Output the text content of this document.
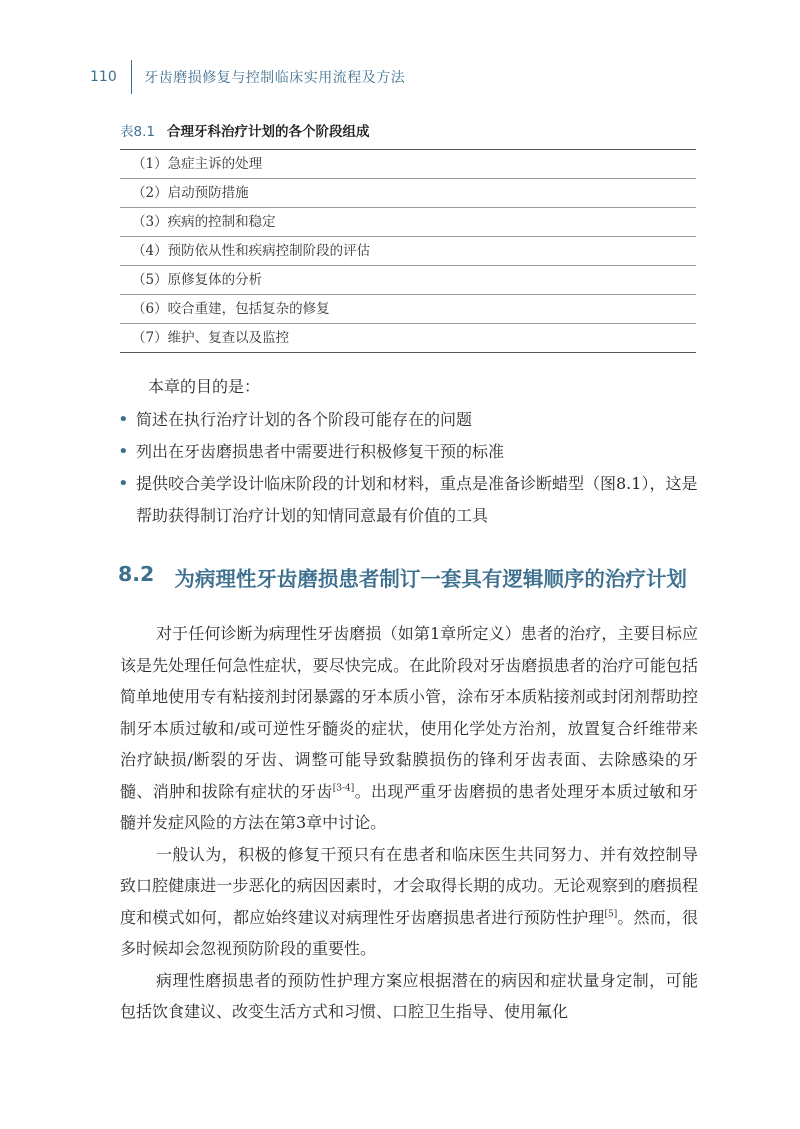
110 牙齿磨损修复与控制临床实用流程及方法
表8.1 合理牙科治疗计划的各个阶段组成
（1）急症主诉的处理
（2）启动预防措施
（3）疾病的控制和稳定
（4）预防依从性和疾病控制阶段的评估
（5）原修复体的分析
（6）咬合重建，包括复杂的修复
（7）维护、复查以及监控
本章的目的是：
• 简述在执行治疗计划的各个阶段可能存在的问题
• 列出在牙齿磨损患者中需要进行积极修复干预的标准
• 提供咬合美学设计临床阶段的计划和材料，重点是准备诊断蜡型（图8.1），这是帮助获得制订治疗计划的知情同意最有价值的工具
8.2 为病理性牙齿磨损患者制订一套具有逻辑顺序的治疗计划

对于任何诊断为病理性牙齿磨损（如第1章所定义）患者的治疗，主要目标应该是先处理任何急性症状，要尽快完成。在此阶段对牙齿磨损患者的治疗可能包括简单地使用专有粘接剂封闭暴露的牙本质小管，涂布牙本质粘接剂或封闭剂帮助控制牙本质过敏和/或可逆性牙髓炎的症状，使用化学处方治剂，放置复合纤维带来治疗缺损/断裂的牙齿、调整可能导致黏膜损伤的锋利牙齿表面、去除感染的牙髓、消肿和拔除有症状的牙齿[3-4]。出现严重牙齿磨损的患者处理牙本质过敏和牙髓并发症风险的方法在第3章中讨论。

一般认为，积极的修复干预只有在患者和临床医生共同努力、并有效控制导致口腔健康进一步恶化的病因因素时，才会取得长期的成功。无论观察到的磨损程度和模式如何，都应始终建议对病理性牙齿磨损患者进行预防性护理[5]。然而，很多时候却会忽视预防阶段的重要性。

病理性磨损患者的预防性护理方案应根据潜在的病因和症状量身定制，可能包括饮食建议、改变生活方式和习惯、口腔卫生指导、使用氟化
